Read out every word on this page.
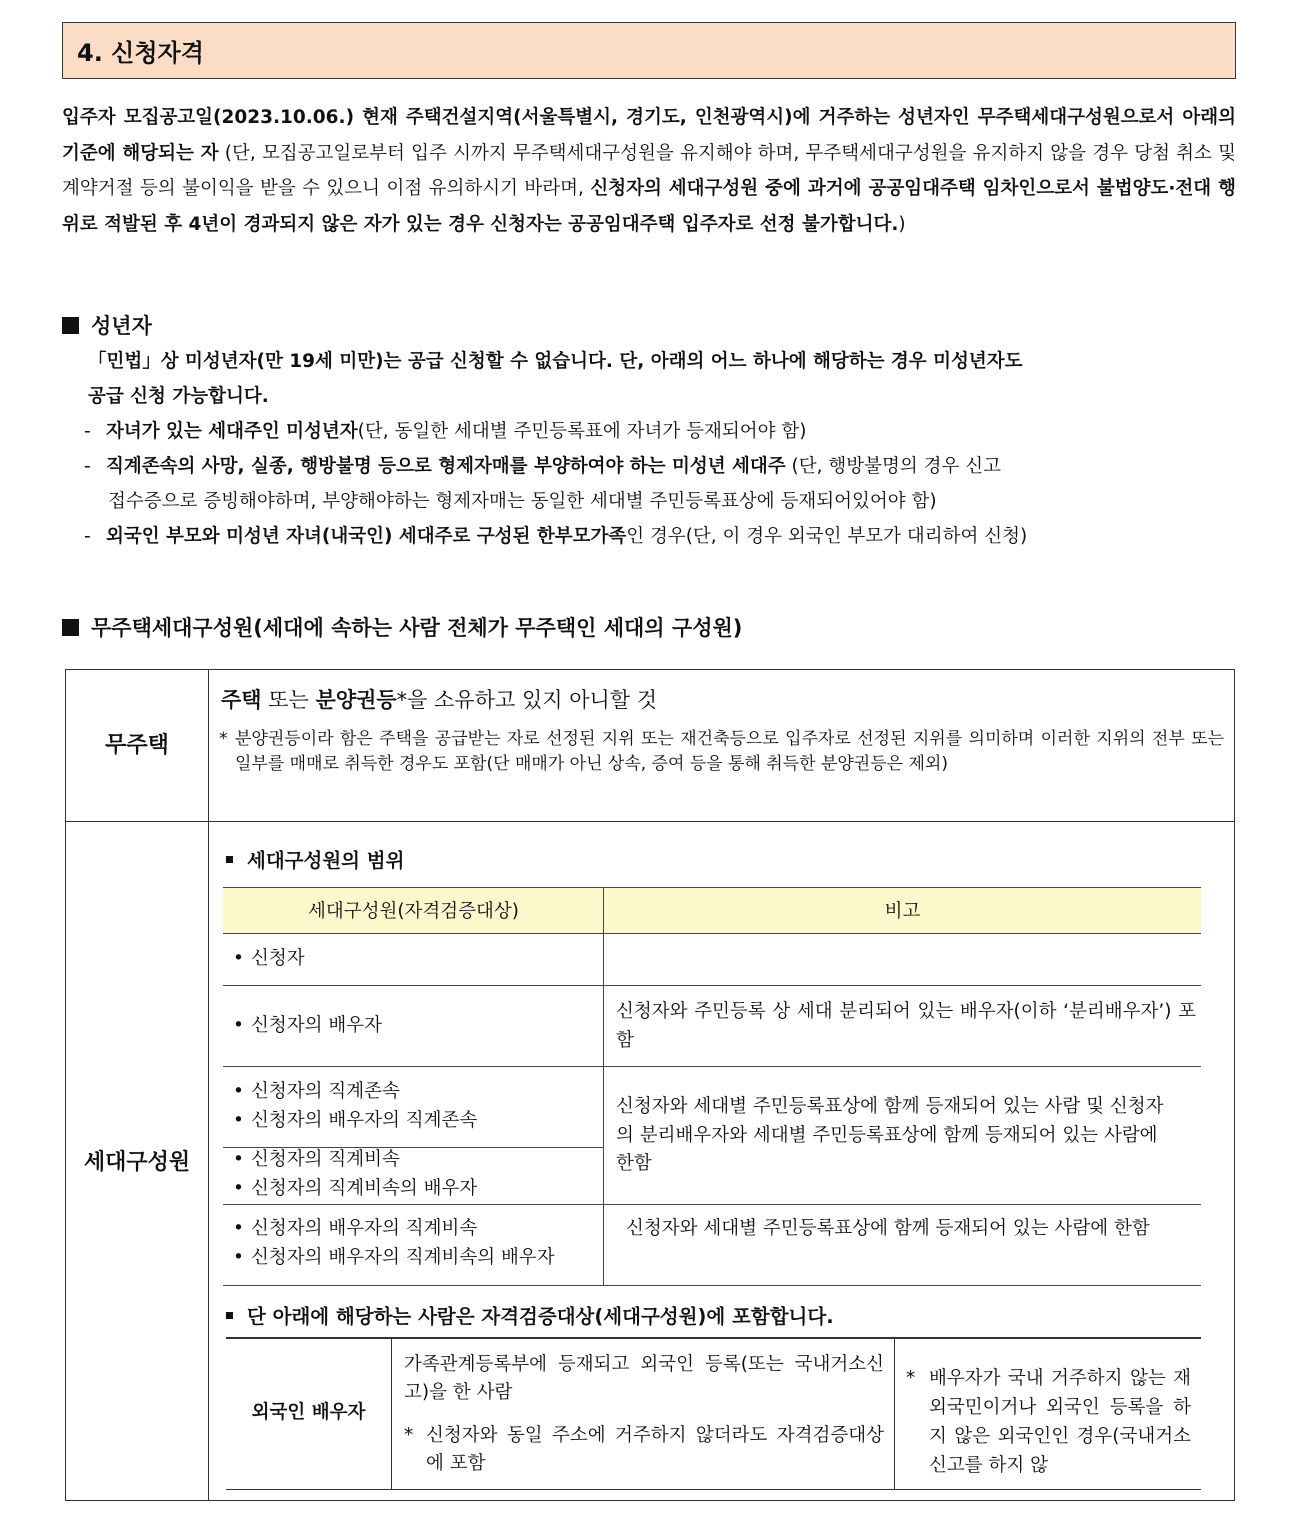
4. 신청자격
입주자 모집공고일(2023.10.06.) 현재 주택건설지역(서울특별시, 경기도, 인천광역시)에 거주하는 성년자인 무주택세대구성원으로서 아래의 기준에 해당되는 자 (단, 모집공고일로부터 입주 시까지 무주택세대구성원을 유지해야 하며, 무주택세대구성원을 유지하지 않을 경우 당첨 취소 및 계약거절 등의 불이익을 받을 수 있으니 이점 유의하시기 바라며, 신청자의 세대구성원 중에 과거에 공공임대주택 임차인으로서 불법양도·전대 행위로 적발된 후 4년이 경과되지 않은 자가 있는 경우 신청자는 공공임대주택 입주자로 선정 불가합니다.)
성년자
「민법」상 미성년자(만 19세 미만)는 공급 신청할 수 없습니다. 단, 아래의 어느 하나에 해당하는 경우 미성년자도
공급 신청 가능합니다.
- 자녀가 있는 세대주인 미성년자(단, 동일한 세대별 주민등록표에 자녀가 등재되어야 함)
- 직계존속의 사망, 실종, 행방불명 등으로 형제자매를 부양하여야 하는 미성년 세대주 (단, 행방불명의 경우 신고
접수증으로 증빙해야하며, 부양해야하는 형제자매는 동일한 세대별 주민등록표상에 등재되어있어야 함)
- 외국인 부모와 미성년 자녀(내국인) 세대주로 구성된 한부모가족인 경우(단, 이 경우 외국인 부모가 대리하여 신청)
무주택세대구성원(세대에 속하는 사람 전체가 무주택인 세대의 구성원)
무주택
주택 또는 분양권등*을 소유하고 있지 아니할 것
* 분양권등이라 함은 주택을 공급받는 자로 선정된 지위 또는 재건축등으로 입주자로 선정된 지위를 의미하며 이러한 지위의 전부 또는 일부를 매매로 취득한 경우도 포함(단 매매가 아닌 상속, 증여 등을 통해 취득한 분양권등은 제외)
세대구성원
세대구성원의 범위
세대구성원(자격검증대상)	비고
• 신청자
• 신청자의 배우자
신청자와 주민등록 상 세대 분리되어 있는 배우자(이하 ‘분리배우자’) 포함
• 신청자의 직계존속
• 신청자의 배우자의 직계존속
• 신청자의 직계비속
• 신청자의 직계비속의 배우자
신청자와 세대별 주민등록표상에 함께 등재되어 있는 사람 및 신청자의 분리배우자와 세대별 주민등록표상에 함께 등재되어 있는 사람에 한함
• 신청자의 배우자의 직계비속
• 신청자의 배우자의 직계비속의 배우자
신청자와 세대별 주민등록표상에 함께 등재되어 있는 사람에 한함
단 아래에 해당하는 사람은 자격검증대상(세대구성원)에 포함합니다.
외국인 배우자
가족관계등록부에 등재되고 외국인 등록(또는 국내거소신고)을 한 사람
* 신청자와 동일 주소에 거주하지 않더라도 자격검증대상에 포함
* 배우자가 국내 거주하지 않는 재외국민이거나 외국인 등록을 하지 않은 외국인인 경우(국내거소신고를 하지 않
